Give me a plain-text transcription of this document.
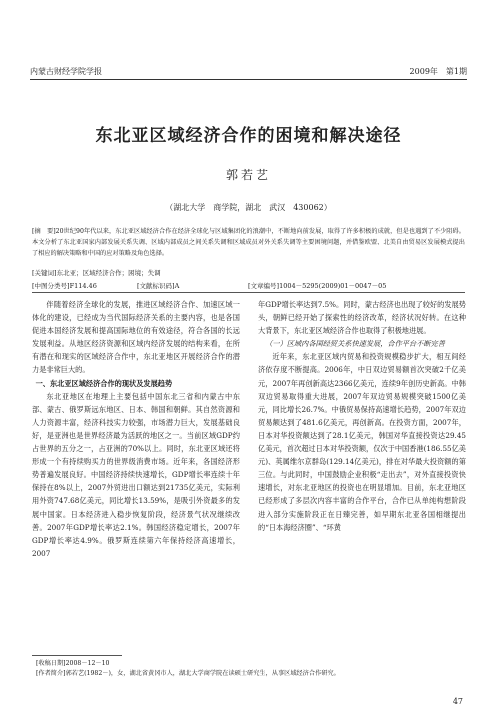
内蒙古财经学院学报	2009年　第1期
东北亚区域经济合作的困境和解决途径
郭若艺
（湖北大学　商学院，湖北　武汉　430062）
[摘　要]20世纪90年代以来，东北亚区域经济合作在经济全球化与区域集团化的浪潮中，不断地向前发展，取得了许多积极的成就，但是也遇到了不少阻碍。本文分析了东北亚国家内部发展关系失调、区域内部成员之间关系失调和区域成员对外关系失调等主要困境问题，并借鉴欧盟、北美自由贸易区发展模式提出了相应的解决策略和中国的应对策略及角色选择。
[关键词]东北亚；区域经济合作；困境；失调
[中图分类号]F114.46	[文献标识码]A	[文章编号]1004－5295(2009)01－0047－05

伴随着经济全球化的发展，推进区域经济合作、加速区域一体化的建设，已经成为当代国际经济关系的主要内容，也是各国促进本国经济发展和提高国际地位的有效途径，符合各国的长远发展利益。从地区经济资源和区域内经济发展的结构来看，在所有潜在和现实的区域经济合作中，东北亚地区开展经济合作的潜力是非常巨大的。

一、东北亚区域经济合作的现状及发展趋势

东北亚地区在地理上主要包括中国东北三省和内蒙古中东部、蒙古、俄罗斯远东地区、日本、韩国和朝鲜。其自然资源和人力资源丰富，经济科技实力较强，市场潜力巨大，发展基础良好，是亚洲也是世界经济最为活跃的地区之一。当前区域GDP约占世界的五分之一，占亚洲的70%以上。同时，东北亚区域还将形成一个有持续购买力的世界级消费市场。近年来，各国经济形势普遍发展良好。中国经济持续快速增长，GDP增长率连续十年保持在8%以上，2007外贸进出口额达到21735亿美元，实际利用外资747.68亿美元，同比增长13.59%，是吸引外资最多的发展中国家。日本经济进入稳步恢复阶段，经济景气状况继续改善。2007年GDP增长率达2.1%。韩国经济稳定增长，2007年GDP增长率达4.9%。俄罗斯连续第六年保持经济高速增长，2007

年GDP增长率达到7.5%。同时，蒙古经济也出现了较好的发展势头，朝鲜已经开始了探索性的经济改革，经济状况好转。在这种大背景下，东北亚区域经济合作也取得了积极地进展。

（一）区域内各国经贸关系快速发展，合作平台不断完善

近年来，东北亚区域内贸易和投资规模稳步扩大，相互间经济依存度不断提高。2006年，中日双边贸易额首次突破2千亿美元，2007年再创新高达2366亿美元，连续9年创历史新高。中韩双边贸易取得重大进展，2007年双边贸易规模突破1500亿美元，同比增长26.7%。中俄贸易保持高速增长趋势，2007年双边贸易额达到了481.6亿美元，再创新高。在投资方面，2007年，日本对华投资额达到了28.1亿美元，韩国对华直接投资达29.45亿美元，首次超过日本对华投资额，仅次于中国香港(186.55亿美元)、英属维尔京群岛(129.14亿美元)，排在对华最大投资额的第三位。与此同时，中国鼓励企业积极“走出去”，对外直接投资快速增长，对东北亚地区的投资也在明显增加。目前，东北亚地区已经形成了多层次内容丰富的合作平台，合作已从单纯构想阶段进入部分实施阶段正在日臻完善，如早期东北亚各国相继提出的“日本海经济圈”、“环黄

[收稿日期]2008－12－10
[作者简介]郭若艺(1982－)，女，湖北省黄冈市人，湖北大学商学院在读硕士研究生，从事区域经济合作研究。
47
